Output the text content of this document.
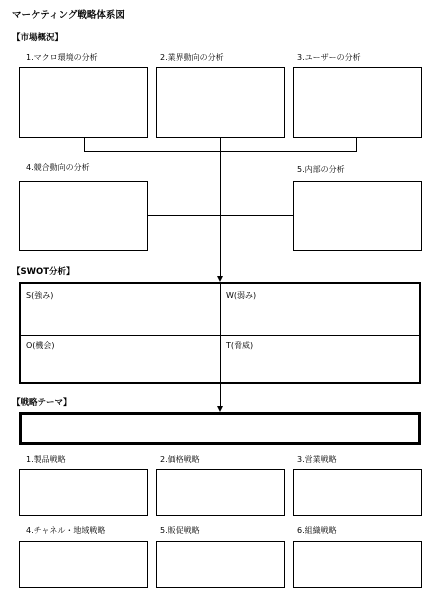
マーケティング戦略体系図
【市場概況】
1.マクロ環境の分析	2.業界動向の分析	3.ユーザーの分析
4.競合動向の分析	5.内部の分析
【SWOT分析】
S(強み)	W(弱み)
O(機会)	T(脅威)
【戦略テーマ】
1.製品戦略	2.価格戦略	3.営業戦略
4.チャネル・地域戦略	5.販促戦略	6.組織戦略
